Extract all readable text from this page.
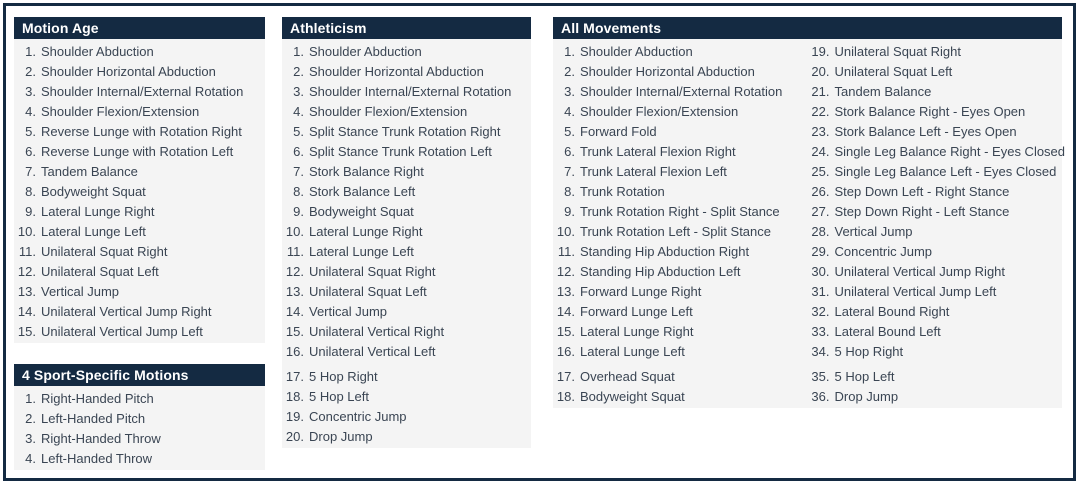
Motion Age
1. Shoulder Abduction
2. Shoulder Horizontal Abduction
3. Shoulder Internal/External Rotation
4. Shoulder Flexion/Extension
5. Reverse Lunge with Rotation Right
6. Reverse Lunge with Rotation Left
7. Tandem Balance
8. Bodyweight Squat
9. Lateral Lunge Right
10. Lateral Lunge Left
11. Unilateral Squat Right
12. Unilateral Squat Left
13. Vertical Jump
14. Unilateral Vertical Jump Right
15. Unilateral Vertical Jump Left
4 Sport-Specific Motions
1. Right-Handed Pitch
2. Left-Handed Pitch
3. Right-Handed Throw
4. Left-Handed Throw
Athleticism
1. Shoulder Abduction
2. Shoulder Horizontal Abduction
3. Shoulder Internal/External Rotation
4. Shoulder Flexion/Extension
5. Split Stance Trunk Rotation Right
6. Split Stance Trunk Rotation Left
7. Stork Balance Right
8. Stork Balance Left
9. Bodyweight Squat
10. Lateral Lunge Right
11. Lateral Lunge Left
12. Unilateral Squat Right
13. Unilateral Squat Left
14. Vertical Jump
15. Unilateral Vertical Right
16. Unilateral Vertical Left
17. 5 Hop Right
18. 5 Hop Left
19. Concentric Jump
20. Drop Jump
All Movements
1. Shoulder Abduction
2. Shoulder Horizontal Abduction
3. Shoulder Internal/External Rotation
4. Shoulder Flexion/Extension
5. Forward Fold
6. Trunk Lateral Flexion Right
7. Trunk Lateral Flexion Left
8. Trunk Rotation
9. Trunk Rotation Right - Split Stance
10. Trunk Rotation Left - Split Stance
11. Standing Hip Abduction Right
12. Standing Hip Abduction Left
13. Forward Lunge Right
14. Forward Lunge Left
15. Lateral Lunge Right
16. Lateral Lunge Left
17. Overhead Squat
18. Bodyweight Squat
19. Unilateral Squat Right
20. Unilateral Squat Left
21. Tandem Balance
22. Stork Balance Right - Eyes Open
23. Stork Balance Left - Eyes Open
24. Single Leg Balance Right - Eyes Closed
25. Single Leg Balance Left - Eyes Closed
26. Step Down Left - Right Stance
27. Step Down Right - Left Stance
28. Vertical Jump
29. Concentric Jump
30. Unilateral Vertical Jump Right
31. Unilateral Vertical Jump Left
32. Lateral Bound Right
33. Lateral Bound Left
34. 5 Hop Right
35. 5 Hop Left
36. Drop Jump
